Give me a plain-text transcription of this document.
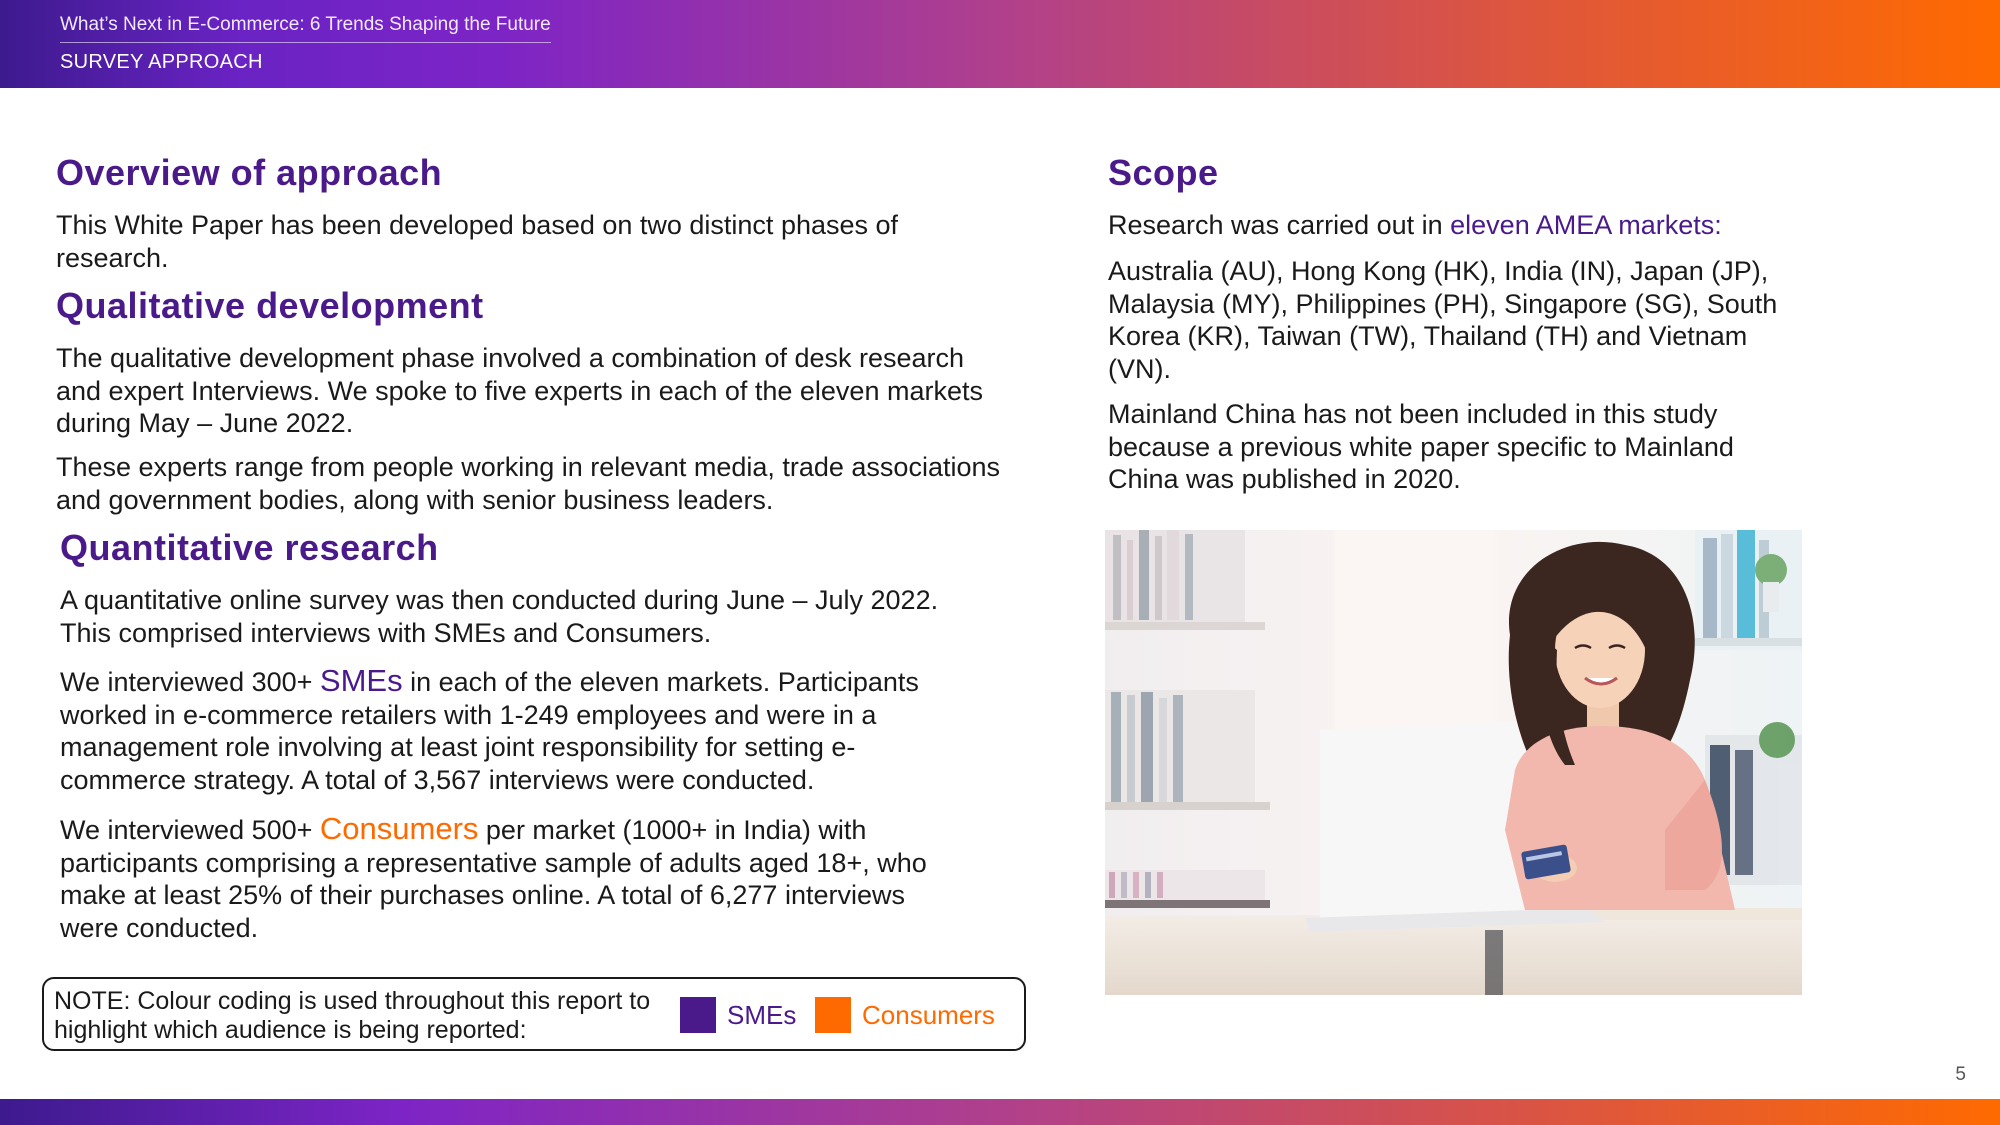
What’s Next in E-Commerce: 6 Trends Shaping the Future
SURVEY APPROACH
Overview of approach

This White Paper has been developed based on two distinct phases of research.

Qualitative development

The qualitative development phase involved a combination of desk research and expert Interviews. We spoke to five experts in each of the eleven markets during May – June 2022.

These experts range from people working in relevant media, trade associations and government bodies, along with senior business leaders.

Quantitative research

A quantitative online survey was then conducted during June – July 2022. This comprised interviews with SMEs and Consumers.

We interviewed 300+ SMEs in each of the eleven markets. Participants worked in e-commerce retailers with 1-249 employees and were in a management role involving at least joint responsibility for setting e-commerce strategy. A total of 3,567 interviews were conducted.

We interviewed 500+ Consumers per market (1000+ in India) with participants comprising a representative sample of adults aged 18+, who make at least 25% of their purchases online. A total of 6,277 interviews were conducted.

NOTE: Colour coding is used throughout this report to highlight which audience is being reported:	SMEs	Consumers
Scope

Research was carried out in eleven AMEA markets:

Australia (AU), Hong Kong (HK), India (IN), Japan (JP), Malaysia (MY), Philippines (PH), Singapore (SG), South Korea (KR), Taiwan (TW), Thailand (TH) and Vietnam (VN).

Mainland China has not been included in this study because a previous white paper specific to Mainland China was published in 2020.

5
